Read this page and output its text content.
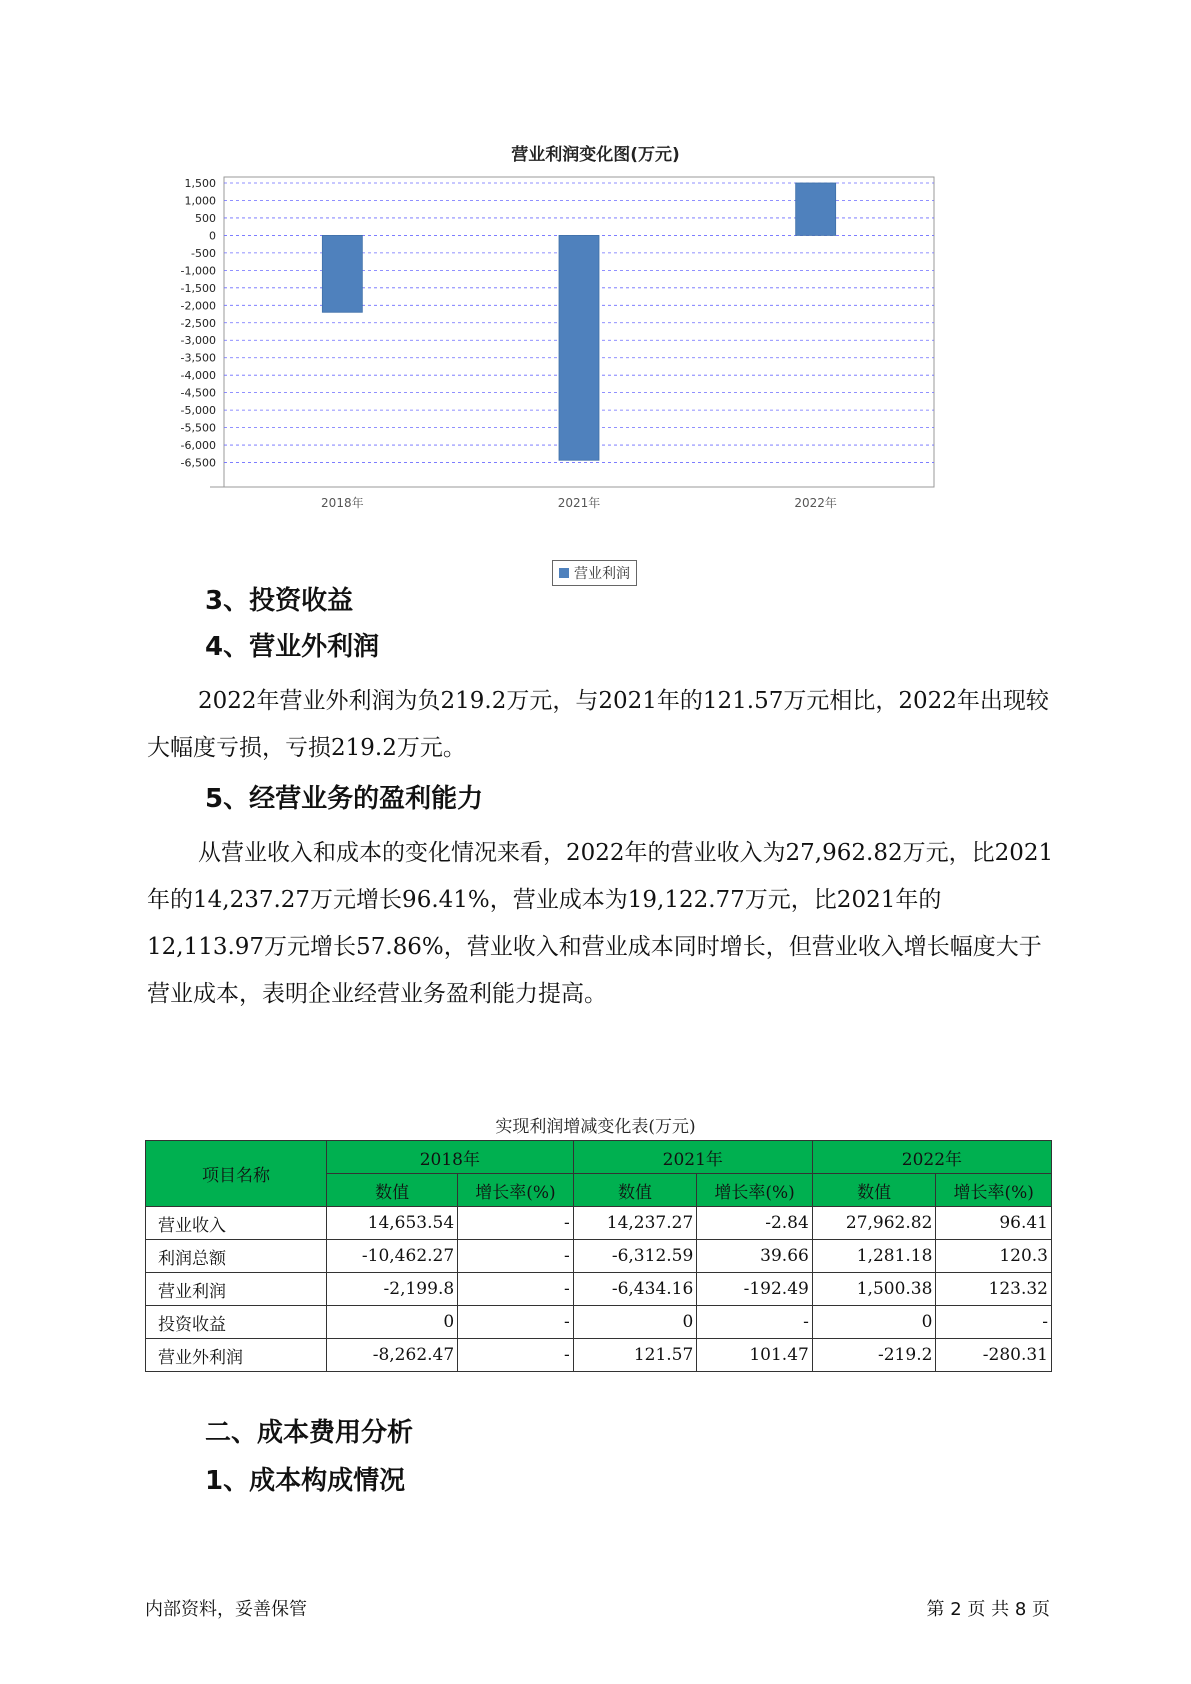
营业利润变化图(万元)
1,500
1,000
500
0
-500
-1,000
-1,500
-2,000
-2,500
-3,000
-3,500
-4,000
-4,500
-5,000
-5,500
-6,000
-6,500
2018年	2021年	2022年
营业利润
3、投资收益
4、营业外利润
2022年营业外利润为负219.2万元，与2021年的121.57万元相比，2022年出现较大幅度亏损，亏损219.2万元。
5、经营业务的盈利能力
从营业收入和成本的变化情况来看，2022年的营业收入为27,962.82万元，比2021年的14,237.27万元增长96.41%，营业成本为19,122.77万元，比2021年的12,113.97万元增长57.86%，营业收入和营业成本同时增长，但营业收入增长幅度大于营业成本，表明企业经营业务盈利能力提高。
实现利润增减变化表(万元)
项目名称	2018年		2021年		2022年	
	数值	增长率(%)	数值	增长率(%)	数值	增长率(%)
营业收入	14,653.54	-	14,237.27	-2.84	27,962.82	96.41
利润总额	-10,462.27	-	-6,312.59	39.66	1,281.18	120.3
营业利润	-2,199.8	-	-6,434.16	-192.49	1,500.38	123.32
投资收益	0	-	0	-	0	-
营业外利润	-8,262.47	-	121.57	101.47	-219.2	-280.31
二、成本费用分析
1、成本构成情况
内部资料，妥善保管	第 2 页 共 8 页
